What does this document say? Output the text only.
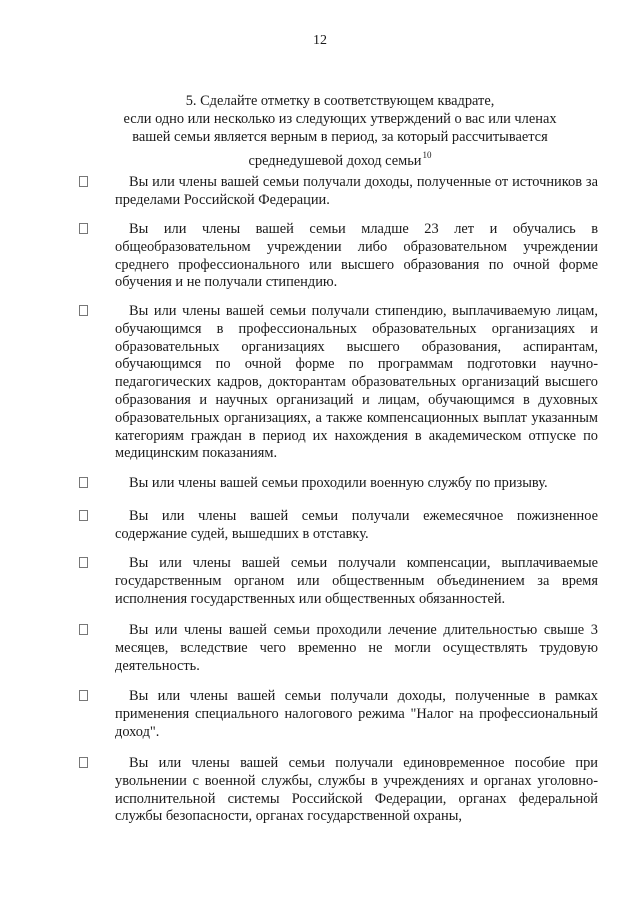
12
5. Сделайте отметку в соответствующем квадрате,
если одно или несколько из следующих утверждений о вас или членах
вашей семьи является верным в период, за который рассчитывается
среднедушевой доход семьи$^{10}$
Вы или члены вашей семьи получали доходы, полученные от источников за пределами Российской Федерации.
Вы или члены вашей семьи младше 23 лет и обучались в общеобразовательном учреждении либо образовательном учреждении среднего профессионального или высшего образования по очной форме обучения и не получали стипендию.
Вы или члены вашей семьи получали стипендию, выплачиваемую лицам, обучающимся в профессиональных образовательных организациях и образовательных организациях высшего образования, аспирантам, обучающимся по очной форме по программам подготовки научно-педагогических кадров, докторантам образовательных организаций высшего образования и научных организаций и лицам, обучающимся в духовных образовательных организациях, а также компенсационных выплат указанным категориям граждан в период их нахождения в академическом отпуске по медицинским показаниям.
Вы или члены вашей семьи проходили военную службу по призыву.
Вы или члены вашей семьи получали ежемесячное пожизненное содержание судей, вышедших в отставку.
Вы или члены вашей семьи получали компенсации, выплачиваемые государственным органом или общественным объединением за время исполнения государственных или общественных обязанностей.
Вы или члены вашей семьи проходили лечение длительностью свыше 3 месяцев, вследствие чего временно не могли осуществлять трудовую деятельность.
Вы или члены вашей семьи получали доходы, полученные в рамках применения специального налогового режима "Налог на профессиональный доход".
Вы или члены вашей семьи получали единовременное пособие при увольнении с военной службы, службы в учреждениях и органах уголовно- исполнительной системы Российской Федерации, органах федеральной службы безопасности, органах государственной охраны,
